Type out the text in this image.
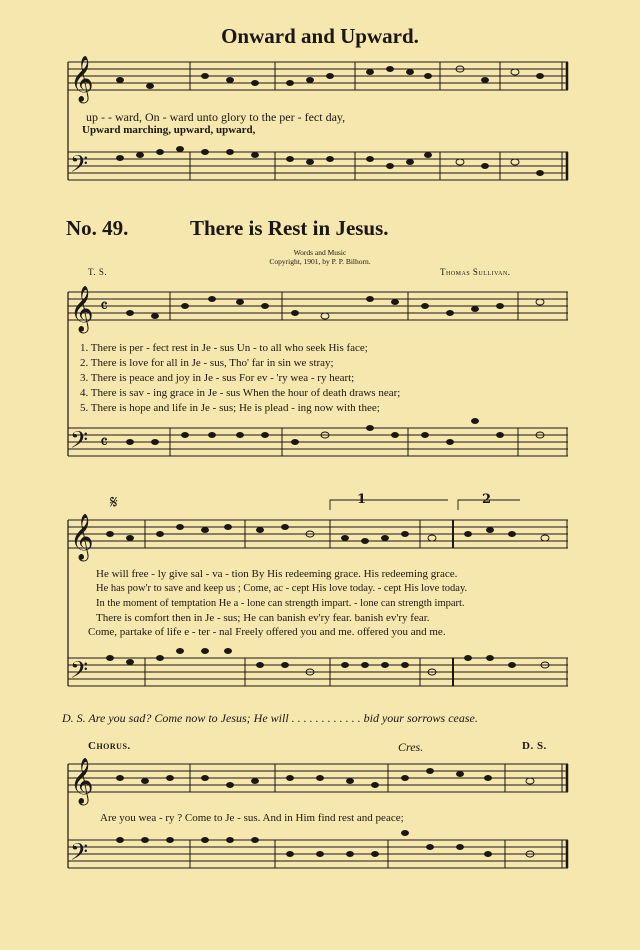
𝄞
𝄢
𝄞
𝄢
𝄞
𝄢
𝄞
𝄢
𝄴
𝄴
Onward and Upward.
up - - ward, On - ward unto glory to the per - fect day,
Upward marching, upward, upward,
No. 49.	There is Rest in Jesus.
Words and Music
Copyright, 1901, by P. P. Bilhorn.
T. S.	Thomas Sullivan.
1. There is per - fect rest in Je - sus Un - to all who seek His face;
2. There is love for all in Je - sus, Tho' far in sin we stray;
3. There is peace and joy in Je - sus For ev - 'ry wea - ry heart;
4. There is sav - ing grace in Je - sus When the hour of death draws near;
5. There is hope and life in Je - sus; He is plead - ing now with thee;
𝄋	1	2
He will free - ly give sal - va - tion By His redeeming grace. His redeeming grace.
He has pow'r to save and keep us ; Come, ac - cept His love today. - cept His love today.
In the moment of temptation He a - lone can strength impart. - lone can strength impart.
There is comfort then in Je - sus; He can banish ev'ry fear. banish ev'ry fear.
Come, partake of life e - ter - nal Freely offered you and me. offered you and me.
D. S. Are you sad? Come now to Jesus; He will . . . . . . . . . . . . bid your sorrows cease.
Chorus.	Cres.	D. S.
Are you wea - ry ? Come to Je - sus. And in Him find rest and peace;
